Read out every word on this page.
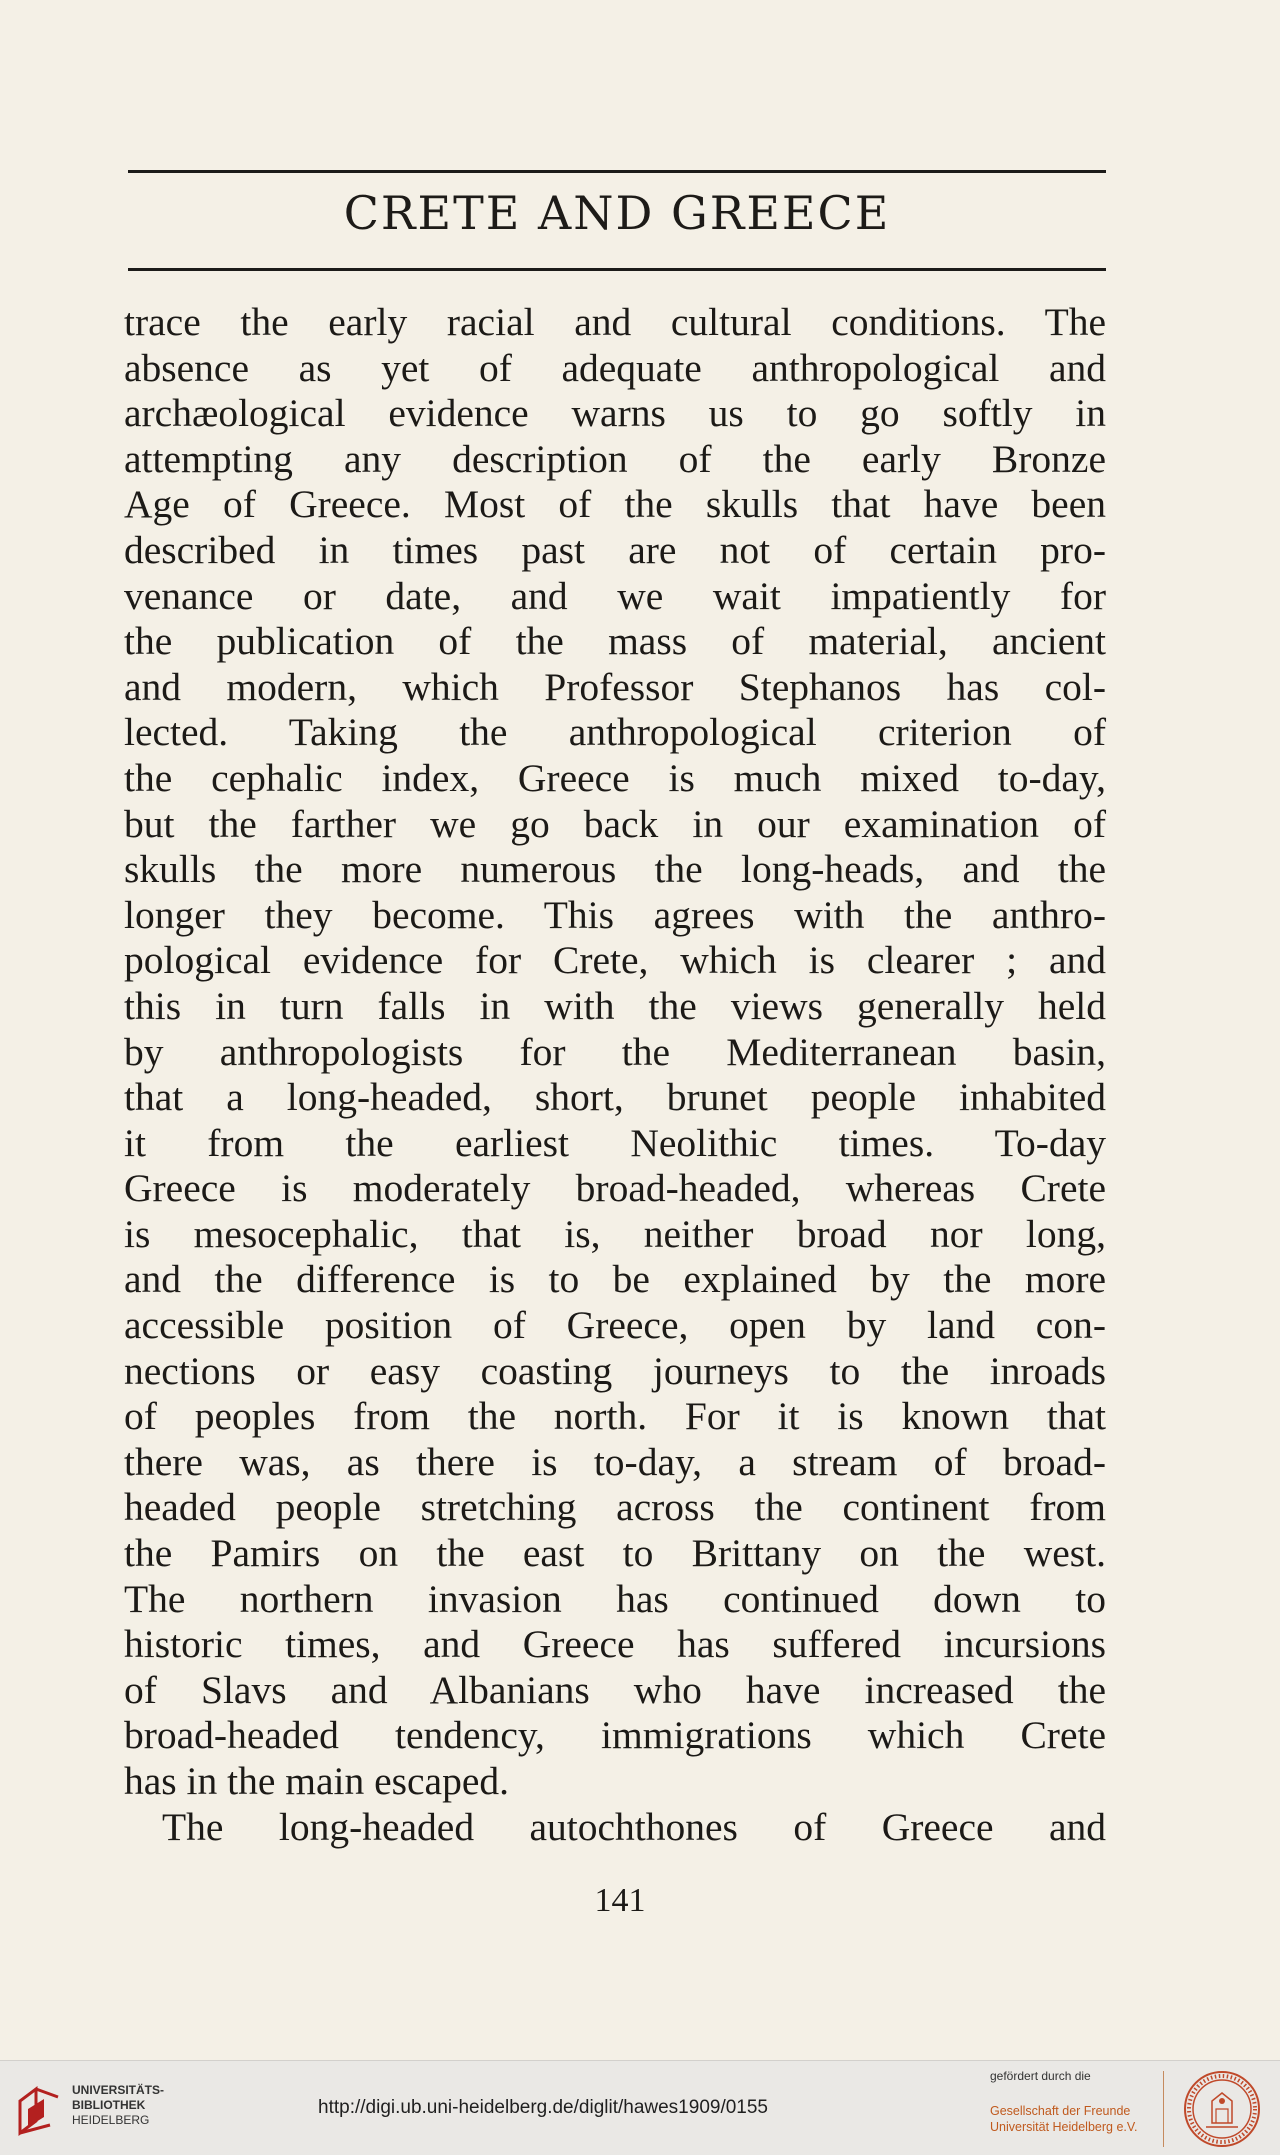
CRETE AND GREECE
trace the early racial and cultural conditions. The
absence as yet of adequate anthropological and
archæological evidence warns us to go softly in
attempting any description of the early Bronze
Age of Greece. Most of the skulls that have been
described in times past are not of certain pro-
venance or date, and we wait impatiently for
the publication of the mass of material, ancient
and modern, which Professor Stephanos has col-
lected. Taking the anthropological criterion of
the cephalic index, Greece is much mixed to-day,
but the farther we go back in our examination of
skulls the more numerous the long-heads, and the
longer they become. This agrees with the anthro-
pological evidence for Crete, which is clearer ; and
this in turn falls in with the views generally held
by anthropologists for the Mediterranean basin,
that a long-headed, short, brunet people inhabited
it from the earliest Neolithic times. To-day
Greece is moderately broad-headed, whereas Crete
is mesocephalic, that is, neither broad nor long,
and the difference is to be explained by the more
accessible position of Greece, open by land con-
nections or easy coasting journeys to the inroads
of peoples from the north. For it is known that
there was, as there is to-day, a stream of broad-
headed people stretching across the continent from
the Pamirs on the east to Brittany on the west.
The northern invasion has continued down to
historic times, and Greece has suffered incursions
of Slavs and Albanians who have increased the
broad-headed tendency, immigrations which Crete
has in the main escaped.
The long-headed autochthones of Greece and
141
UNIVERSITÄTS-
BIBLIOTHEK
HEIDELBERG
http://digi.ub.uni-heidelberg.de/diglit/hawes1909/0155
gefördert durch die
Gesellschaft der Freunde
Universität Heidelberg e.V.
